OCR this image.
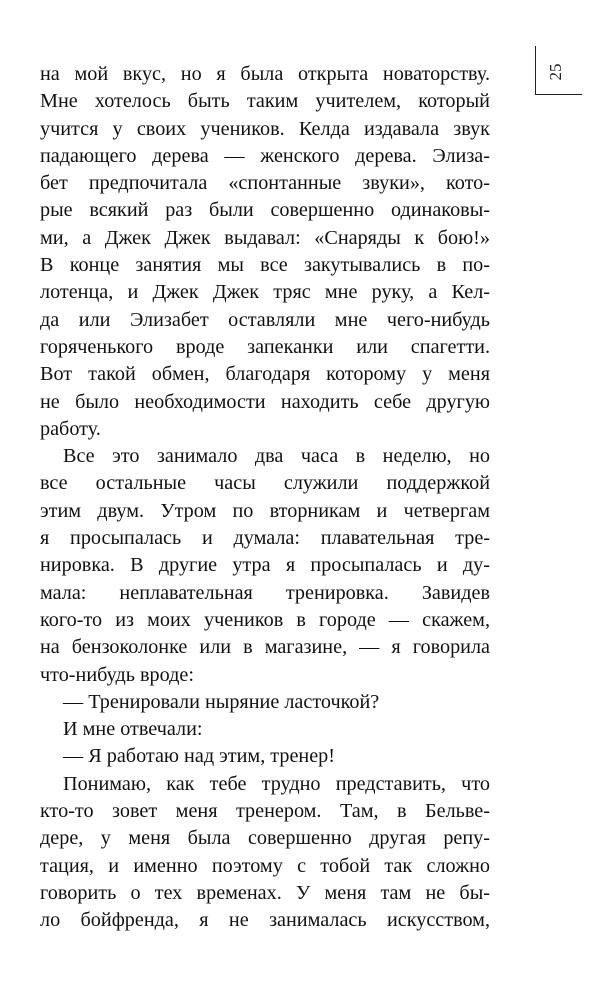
25
на мой вкус, но я была открыта новаторству.
Мне хотелось быть таким учителем, который
учится у своих учеников. Келда издавала звук
падающего дерева — женского дерева. Элиза-
бет предпочитала «спонтанные звуки», кото-
рые всякий раз были совершенно одинаковы-
ми, а Джек Джек выдавал: «Снаряды к бою!»
В конце занятия мы все закутывались в по-
лотенца, и Джек Джек тряс мне руку, а Кел-
да или Элизабет оставляли мне чего-нибудь
горяченького вроде запеканки или спагетти.
Вот такой обмен, благодаря которому у меня
не было необходимости находить себе другую
работу.
Все это занимало два часа в неделю, но
все остальные часы служили поддержкой
этим двум. Утром по вторникам и четвергам
я просыпалась и думала: плавательная тре-
нировка. В другие утра я просыпалась и ду-
мала: неплавательная тренировка. Завидев
кого-то из моих учеников в городе — скажем,
на бензоколонке или в магазине, — я говорила
что-нибудь вроде:
— Тренировали ныряние ласточкой?
И мне отвечали:
— Я работаю над этим, тренер!
Понимаю, как тебе трудно представить, что
кто-то зовет меня тренером. Там, в Бельве-
дере, у меня была совершенно другая репу-
тация, и именно поэтому с тобой так сложно
говорить о тех временах. У меня там не бы-
ло бойфренда, я не занималась искусством,
